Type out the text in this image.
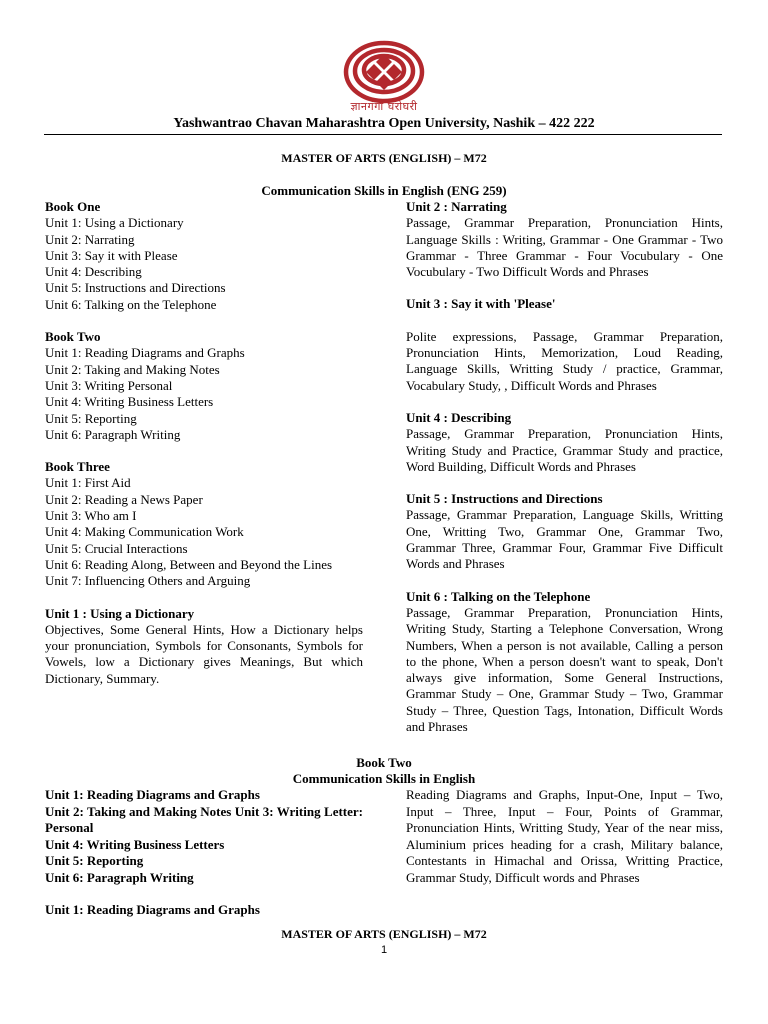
ज्ञानगंगा घरोघरी
Yashwantrao Chavan Maharashtra Open University, Nashik – 422 222
MASTER OF ARTS (ENGLISH) – M72
Communication Skills in English (ENG 259)
Book One
Unit 1: Using a Dictionary
Unit 2: Narrating
Unit 3: Say it with Please
Unit 4: Describing
Unit 5: Instructions and Directions
Unit 6: Talking on the Telephone
Book Two
Unit 1: Reading Diagrams and Graphs
Unit 2: Taking and Making Notes
Unit 3: Writing Personal
Unit 4: Writing Business Letters
Unit 5: Reporting
Unit 6: Paragraph Writing
Book Three
Unit 1: First Aid
Unit 2: Reading a News Paper
Unit 3: Who am I
Unit 4: Making Communication Work
Unit 5: Crucial Interactions
Unit 6: Reading Along, Between and Beyond the Lines
Unit 7: Influencing Others and Arguing
Unit 1 : Using a Dictionary
Objectives, Some General Hints, How a Dictionary helps your pronunciation, Symbols for Consonants, Symbols for Vowels, low a Dictionary gives Meanings, But which Dictionary, Summary.
Unit 2 : Narrating
Passage, Grammar Preparation, Pronunciation Hints, Language Skills : Writing, Grammar - One Grammar - Two Grammar - Three Grammar - Four Vocubulary - One Vocubulary - Two Difficult Words and Phrases
Unit 3 : Say it with 'Please'
Polite expressions, Passage, Grammar Preparation, Pronunciation Hints, Memorization, Loud Reading, Language Skills, Writting Study / practice, Grammar, Vocabulary Study, , Difficult Words and Phrases
Unit 4 : Describing
Passage, Grammar Preparation, Pronunciation Hints, Writing Study and Practice, Grammar Study and practice, Word Building, Difficult Words and Phrases
Unit 5 : Instructions and Directions
Passage, Grammar Preparation, Language Skills, Writting One, Writting Two, Grammar One, Grammar Two, Grammar Three, Grammar Four, Grammar Five Difficult Words and Phrases
Unit 6 : Talking on the Telephone
Passage, Grammar Preparation, Pronunciation Hints, Writing Study, Starting a Telephone Conversation, Wrong Numbers, When a person is not available, Calling a person to the phone, When a person doesn't want to speak, Don't always give information, Some General Instructions, Grammar Study – One, Grammar Study – Two, Grammar Study – Three, Question Tags, Intonation, Difficult Words and Phrases
Book Two
Communication Skills in English
Unit 1: Reading Diagrams and Graphs
Unit 2: Taking and Making Notes Unit 3: Writing Letter: Personal
Unit 4: Writing Business Letters
Unit 5: Reporting
Unit 6: Paragraph Writing
Reading Diagrams and Graphs, Input-One, Input – Two, Input – Three, Input – Four, Points of Grammar, Pronunciation Hints, Writting Study, Year of the near miss, Aluminium prices heading for a crash, Military balance, Contestants in Himachal and Orissa, Writting Practice, Grammar Study, Difficult words and Phrases
Unit 1: Reading Diagrams and Graphs
MASTER OF ARTS (ENGLISH) – M72
1
